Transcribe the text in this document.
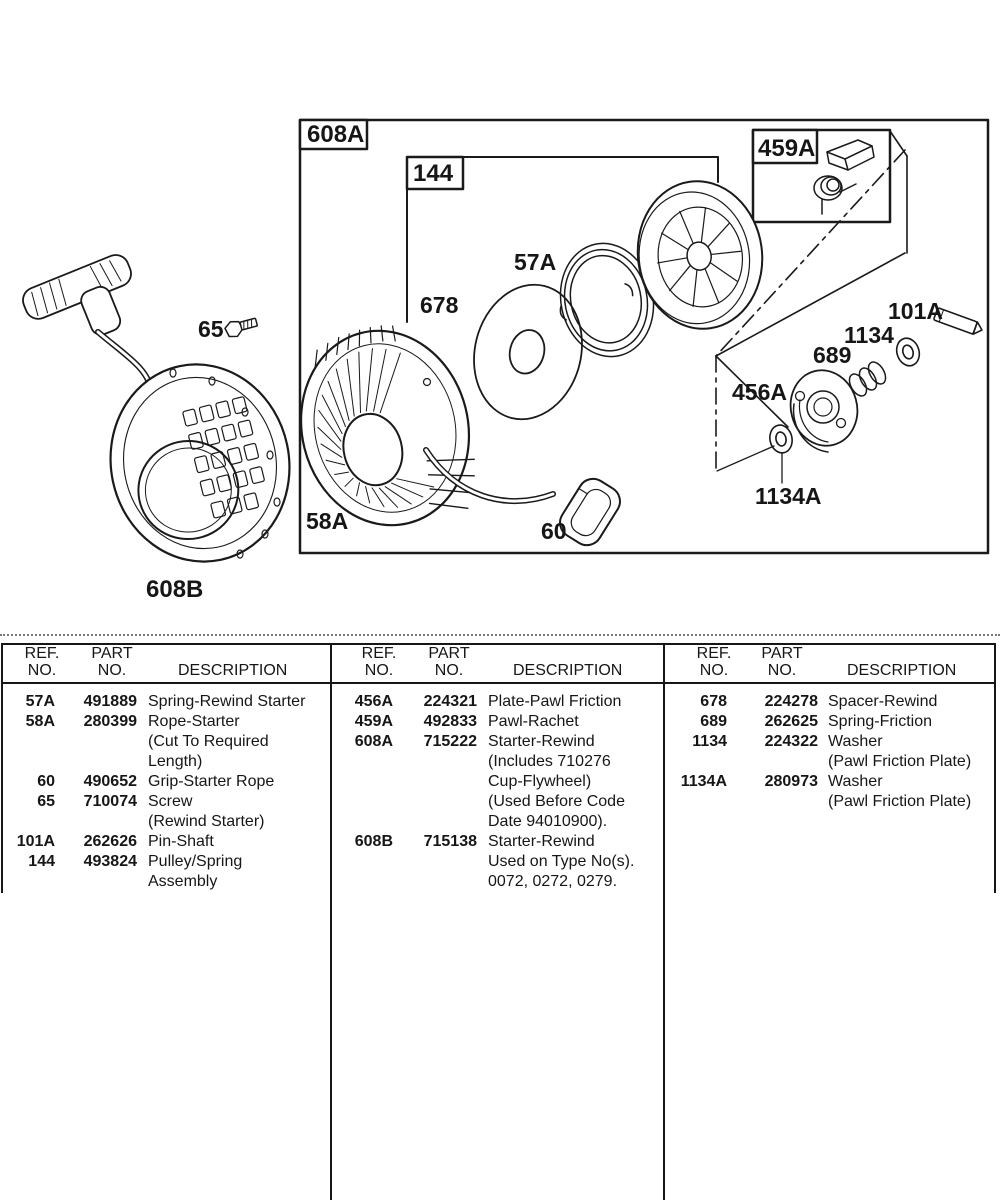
608A
144
459A
57A
678
65
101A
1134
689
456A
1134A
58A	60
608B
REF.
NO.
PART
NO.	DESCRIPTION
REF.
NO.
PART
NO.	DESCRIPTION
REF.
NO.
PART
NO.	DESCRIPTION
57A	491889 Spring-Rewind Starter
58A	280399 Rope-Starter
(Cut To Required
Length)
60	490652 Grip-Starter Rope
65	710074 Screw
(Rewind Starter)
101A	262626 Pin-Shaft
144	493824 Pulley/Spring
Assembly
456A	224321 Plate-Pawl Friction
459A	492833 Pawl-Rachet
608A	715222 Starter-Rewind
(Includes 710276
Cup-Flywheel)
(Used Before Code
Date 94010900).
608B	715138 Starter-Rewind
Used on Type No(s).
0072, 0272, 0279.
678	224278 Spacer-Rewind
689	262625 Spring-Friction
1134	224322 Washer
(Pawl Friction Plate)
1134A	280973 Washer
(Pawl Friction Plate)
